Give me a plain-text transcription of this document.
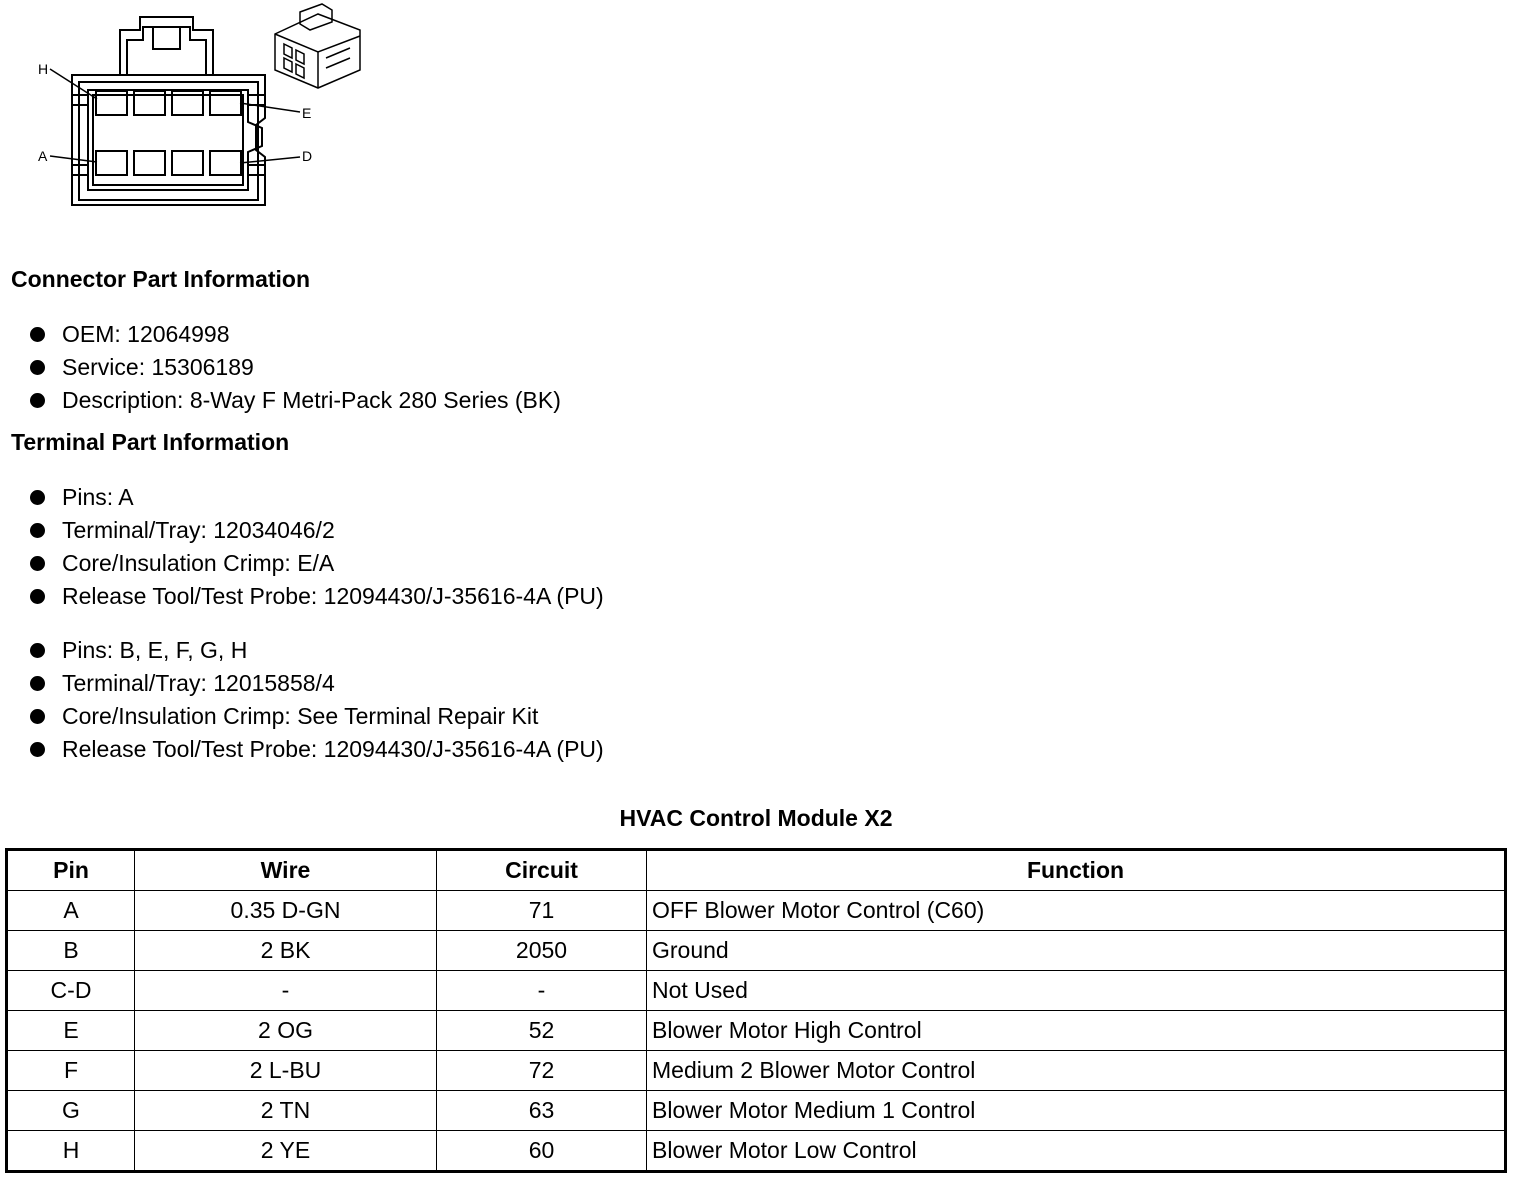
H
E
A	D
Connector Part Information
OEM: 12064998
Service: 15306189
Description: 8-Way F Metri-Pack 280 Series (BK)
Terminal Part Information
Pins: A
Terminal/Tray: 12034046/2
Core/Insulation Crimp: E/A
Release Tool/Test Probe: 12094430/J-35616-4A (PU)
Pins: B, E, F, G, H
Terminal/Tray: 12015858/4
Core/Insulation Crimp: See Terminal Repair Kit
Release Tool/Test Probe: 12094430/J-35616-4A (PU)
HVAC Control Module X2
Pin	Wire	Circuit	Function
A	0.35 D-GN	71	OFF Blower Motor Control (C60)
B	2 BK	2050	Ground
C-D	-	-	Not Used
E	2 OG	52	Blower Motor High Control
F	2 L-BU	72	Medium 2 Blower Motor Control
G	2 TN	63	Blower Motor Medium 1 Control
H	2 YE	60	Blower Motor Low Control
